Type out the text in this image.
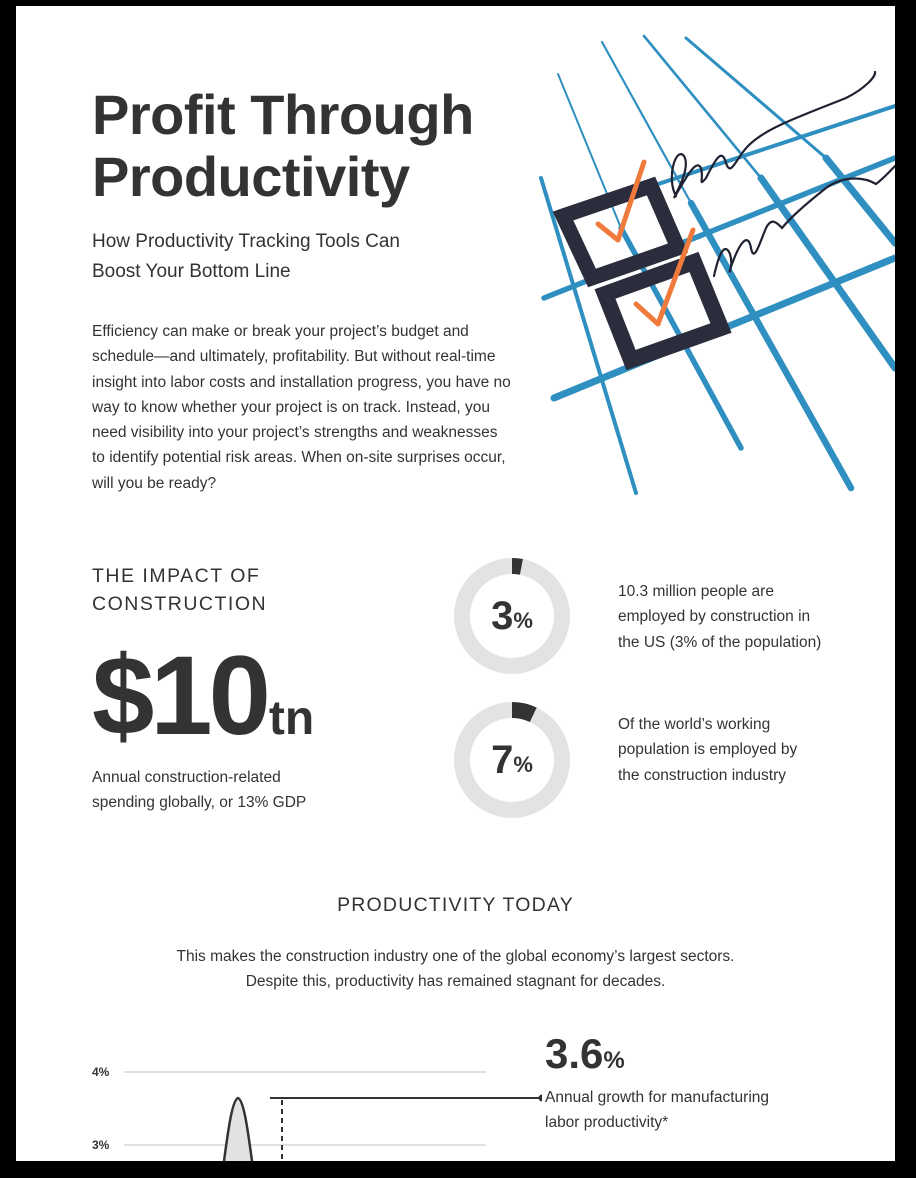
Profit Through
Productivity
How Productivity Tracking Tools Can
Boost Your Bottom Line

Efficiency can make or break your project’s budget and
schedule—and ultimately, profitability. But without real-time
insight into labor costs and installation progress, you have no
way to know whether your project is on track. Instead, you
need visibility into your project’s strengths and weaknesses
to identify potential risk areas. When on-site surprises occur,
will you be ready?

THE IMPACT OF
CONSTRUCTION
$10tn

Annual construction-related
spending globally, or 13% GDP

3 %

10.3 million people are
employed by construction in
the US (3% of the population)

7 %

Of the world’s working
population is employed by
the construction industry

PRODUCTIVITY TODAY

This makes the construction industry one of the global economy’s largest sectors.
Despite this, productivity has remained stagnant for decades.

4%
3%
3.6%

Annual growth for manufacturing
labor productivity*
